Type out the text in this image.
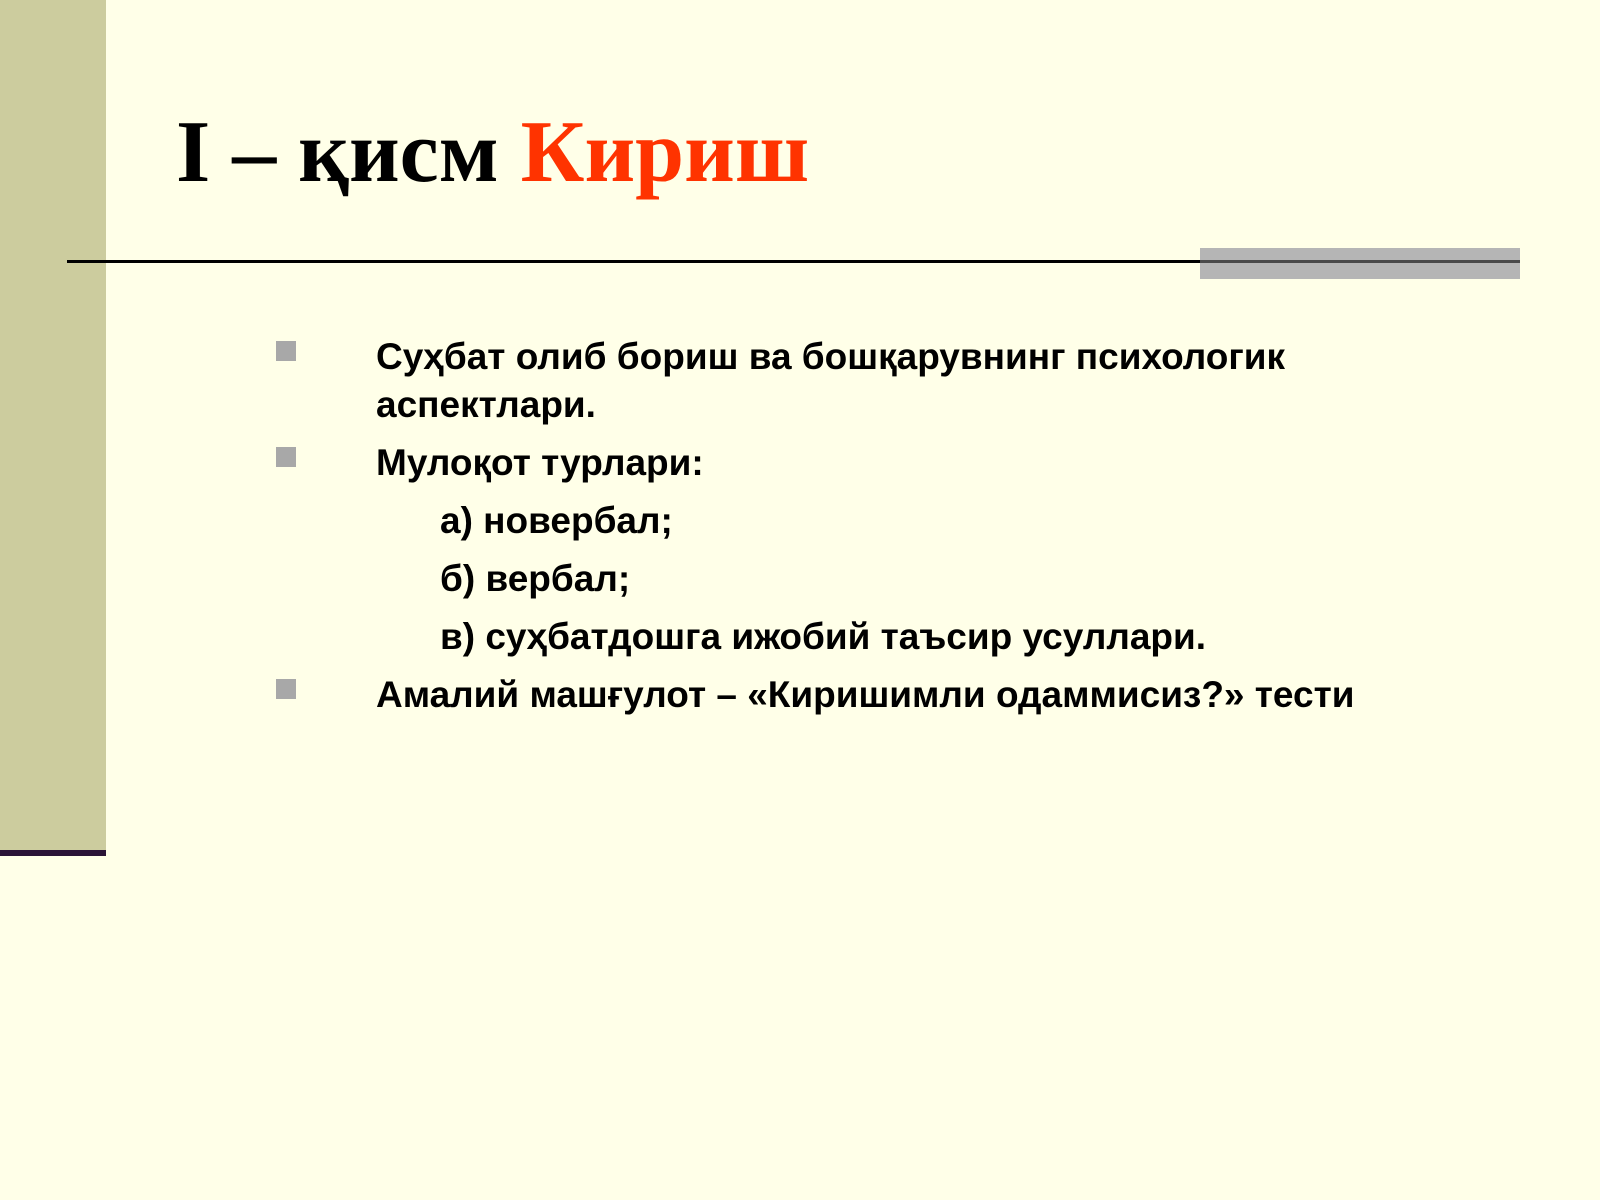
I – қисм Кириш
Суҳбат олиб бориш ва бошқарувнинг психологик
аспектлари.
Мулоқот турлари:
а) новербал;
б) вербал;
в) суҳбатдошга ижобий таъсир усуллари.
Амалий машғулот – «Киришимли одаммисиз?» тести
